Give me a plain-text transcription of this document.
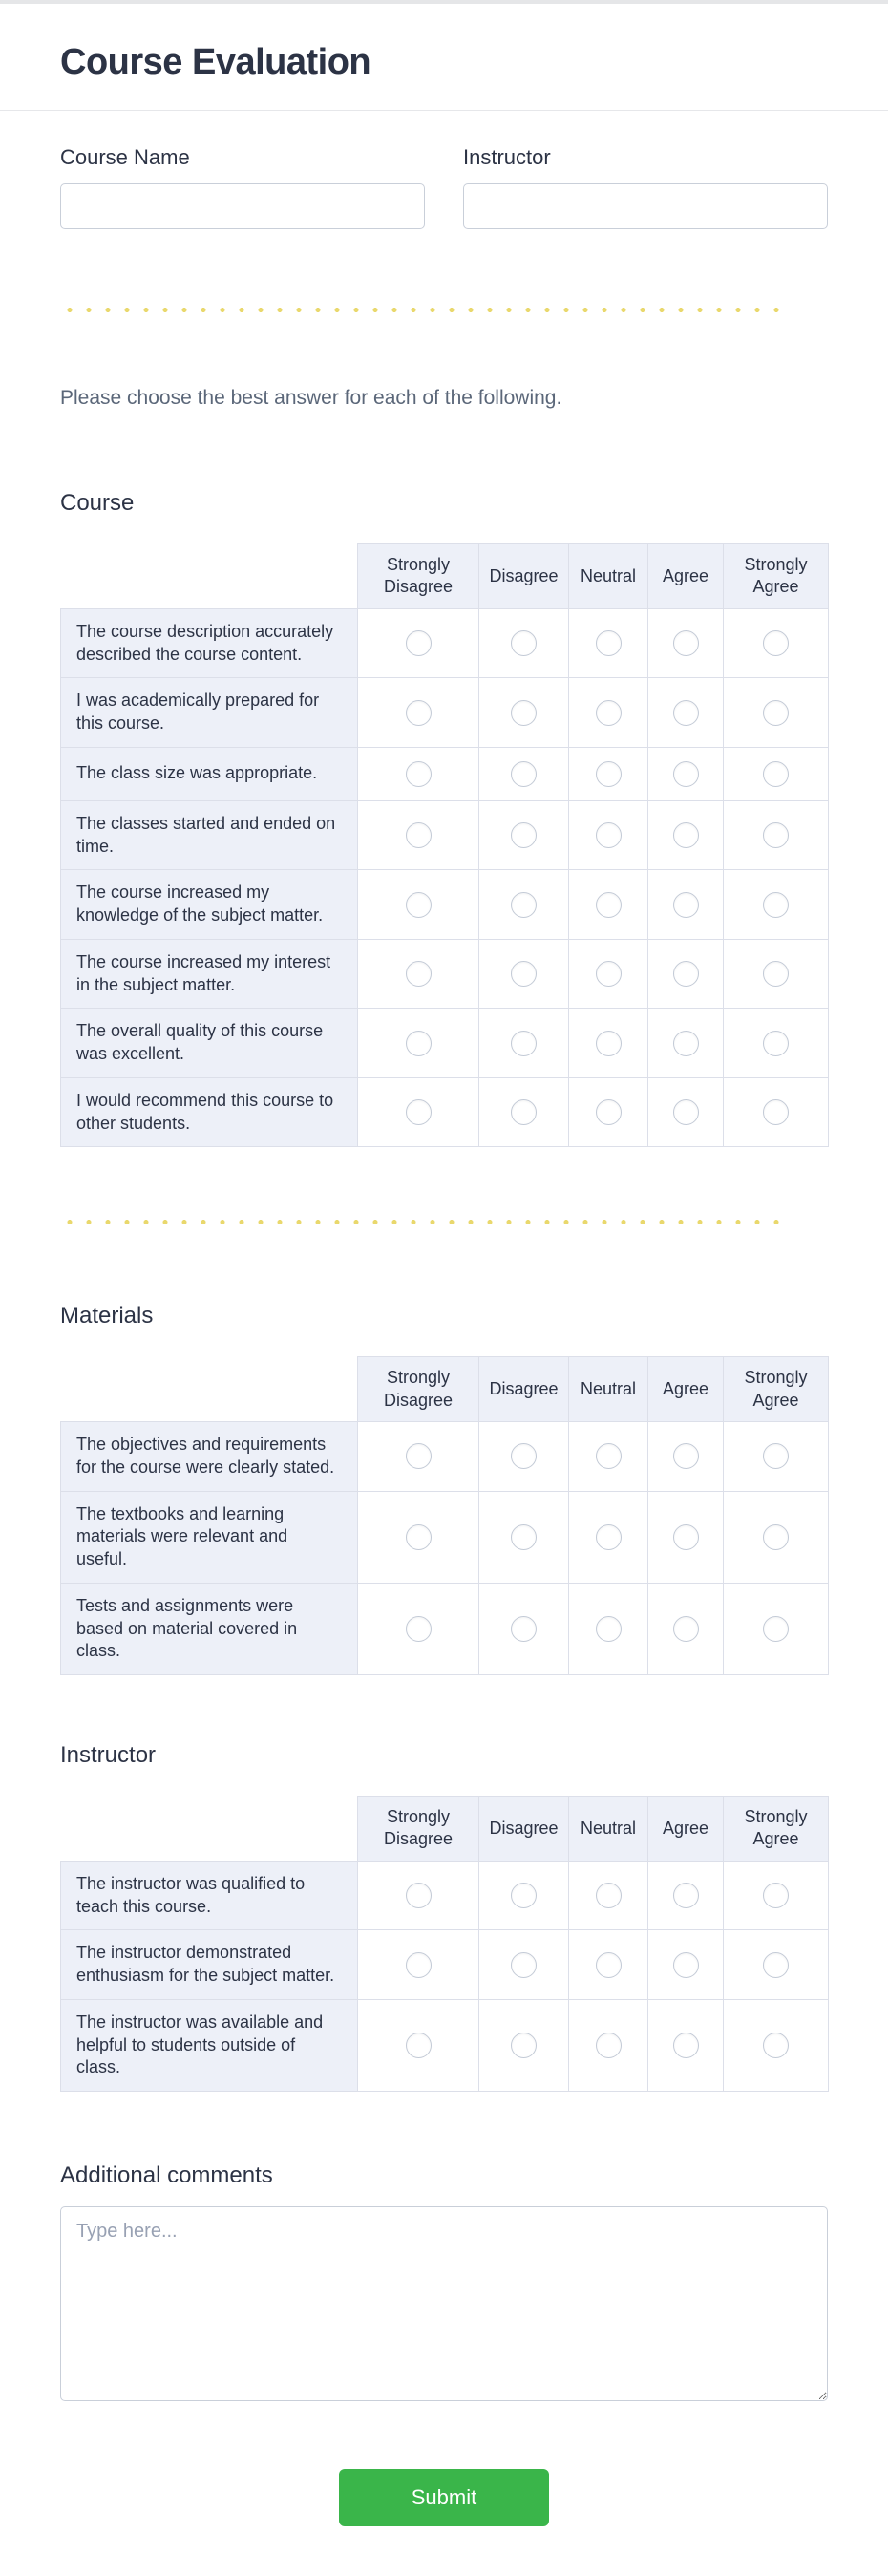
Course Evaluation
Course Name	Instructor

Please choose the best answer for each of the following.

Course
	Strongly Disagree	Disagree	Neutral	Agree	Strongly Agree
The course description accurately described the course content.					
I was academically prepared for this course.					
The class size was appropriate.					
The classes started and ended on time.					
The course increased my knowledge of the subject matter.					
The course increased my interest in the subject matter.					
The overall quality of this course was excellent.					
I would recommend this course to other students.					
Materials
	Strongly Disagree	Disagree	Neutral	Agree	Strongly Agree
The objectives and requirements for the course were clearly stated.					
The textbooks and learning materials were relevant and useful.					
Tests and assignments were based on material covered in class.					
Instructor
	Strongly Disagree	Disagree	Neutral	Agree	Strongly Agree
The instructor was qualified to teach this course.					
The instructor demonstrated enthusiasm for the subject matter.					
The instructor was available and helpful to students outside of class.					
Additional comments
Type here...
Submit
